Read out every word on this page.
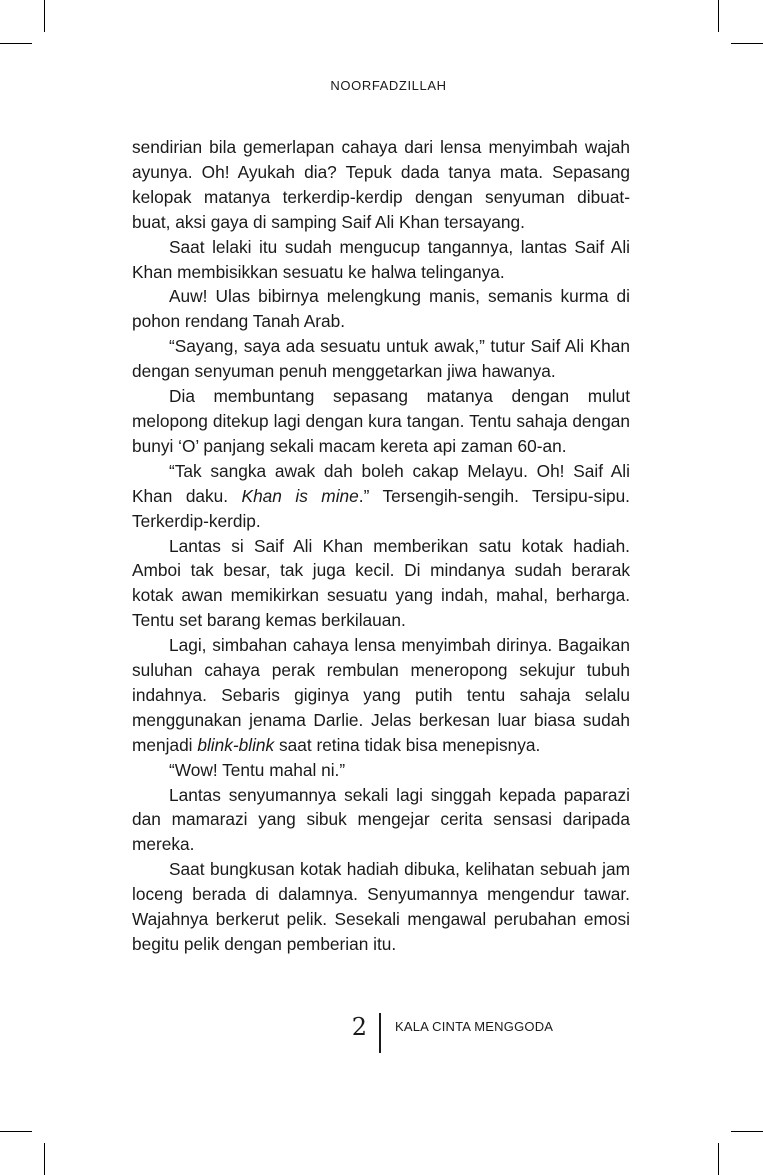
NOORFADZILLAH

sendirian bila gemerlapan cahaya dari lensa menyimbah wajah ayunya. Oh! Ayukah dia? Tepuk dada tanya mata. Sepasang kelopak matanya terkerdip-kerdip dengan senyuman dibuat-buat, aksi gaya di samping Saif Ali Khan tersayang.

Saat lelaki itu sudah mengucup tangannya, lantas Saif Ali Khan membisikkan sesuatu ke halwa telinganya.

Auw! Ulas bibirnya melengkung manis, semanis kurma di pohon rendang Tanah Arab.

“Sayang, saya ada sesuatu untuk awak,” tutur Saif Ali Khan dengan senyuman penuh menggetarkan jiwa hawanya.

Dia membuntang sepasang matanya dengan mulut melopong ditekup lagi dengan kura tangan. Tentu sahaja dengan bunyi ‘O’ panjang sekali macam kereta api zaman 60-an.

“Tak sangka awak dah boleh cakap Melayu. Oh! Saif Ali Khan daku. Khan is mine.” Tersengih-sengih. Tersipu-sipu. Terkerdip-kerdip.

Lantas si Saif Ali Khan memberikan satu kotak hadiah. Amboi tak besar, tak juga kecil. Di mindanya sudah berarak kotak awan memikirkan sesuatu yang indah, mahal, berharga. Tentu set barang kemas berkilauan.

Lagi, simbahan cahaya lensa menyimbah dirinya. Bagaikan suluhan cahaya perak rembulan meneropong sekujur tubuh indahnya. Sebaris giginya yang putih tentu sahaja selalu menggunakan jenama Darlie. Jelas berkesan luar biasa sudah menjadi blink-blink saat retina tidak bisa menepisnya.

“Wow! Tentu mahal ni.”

Lantas senyumannya sekali lagi singgah kepada paparazi dan mamarazi yang sibuk mengejar cerita sensasi daripada mereka.

Saat bungkusan kotak hadiah dibuka, kelihatan sebuah jam loceng berada di dalamnya. Senyumannya mengendur tawar. Wajahnya berkerut pelik. Sesekali mengawal perubahan emosi begitu pelik dengan pemberian itu.

2 KALA CINTA MENGGODA
